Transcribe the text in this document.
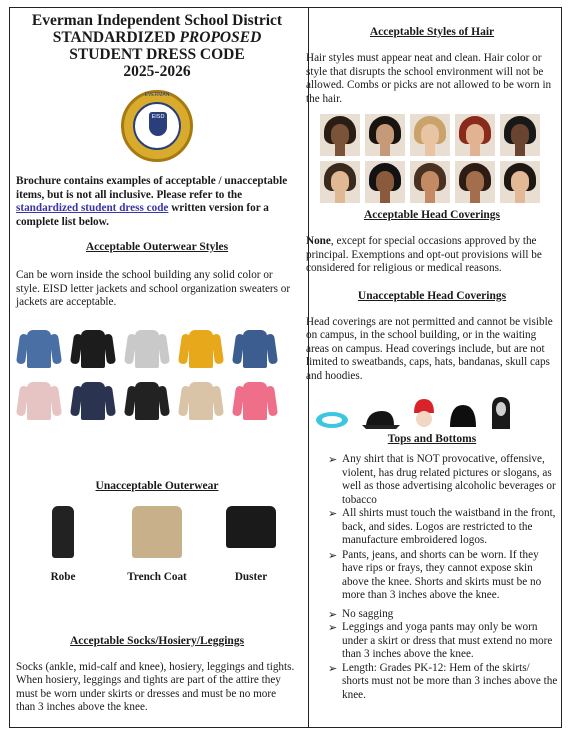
Everman Independent School District
STANDARDIZED PROPOSED
STUDENT DRESS CODE
2025-2026
EVERMAN
EISD
Brochure contains examples of acceptable / unacceptable items, but is not all inclusive. Please refer to the standardized student dress code written version for a complete list below.
Acceptable Outerwear Styles
Can be worn inside the school building any solid color or style. EISD letter jackets and school organization sweaters or jackets are acceptable.
Unacceptable Outerwear
Robe	Trench Coat	Duster
Acceptable Socks/Hosiery/Leggings
Socks (ankle, mid-calf and knee), hosiery, leggings and tights. When hosiery, leggings and tights are part of the attire they must be worn under skirts or dresses and must be no more than 3 inches above the knee.
Acceptable Styles of Hair
Hair styles must appear neat and clean. Hair color or style that disrupts the school environment will not be allowed. Combs or picks are not allowed to be worn in the hair.
Acceptable Head Coverings
None, except for special occasions approved by the principal. Exemptions and opt-out provisions will be considered for religious or medical reasons.
Unacceptable Head Coverings
Head coverings are not permitted and cannot be visible on campus, in the school building, or in the waiting areas on campus. Head coverings include, but are not limited to sweatbands, caps, hats, bandanas, skull caps and hoodies.
Tops and Bottoms
➢ Any shirt that is NOT provocative, offensive, violent, has drug related pictures or slogans, as well as those advertising alcoholic beverages or tobacco
➢ All shirts must touch the waistband in the front, back, and sides. Logos are restricted to the manufacture embroidered logos.
➢ Pants, jeans, and shorts can be worn. If they have rips or frays, they cannot expose skin above the knee. Shorts and skirts must be no more than 3 inches above the knee.
➢ No sagging
➢ Leggings and yoga pants may only be worn under a skirt or dress that must extend no more than 3 inches above the knee.
➢ Length: Grades PK-12: Hem of the skirts/ shorts must not be more than 3 inches above the knee.
